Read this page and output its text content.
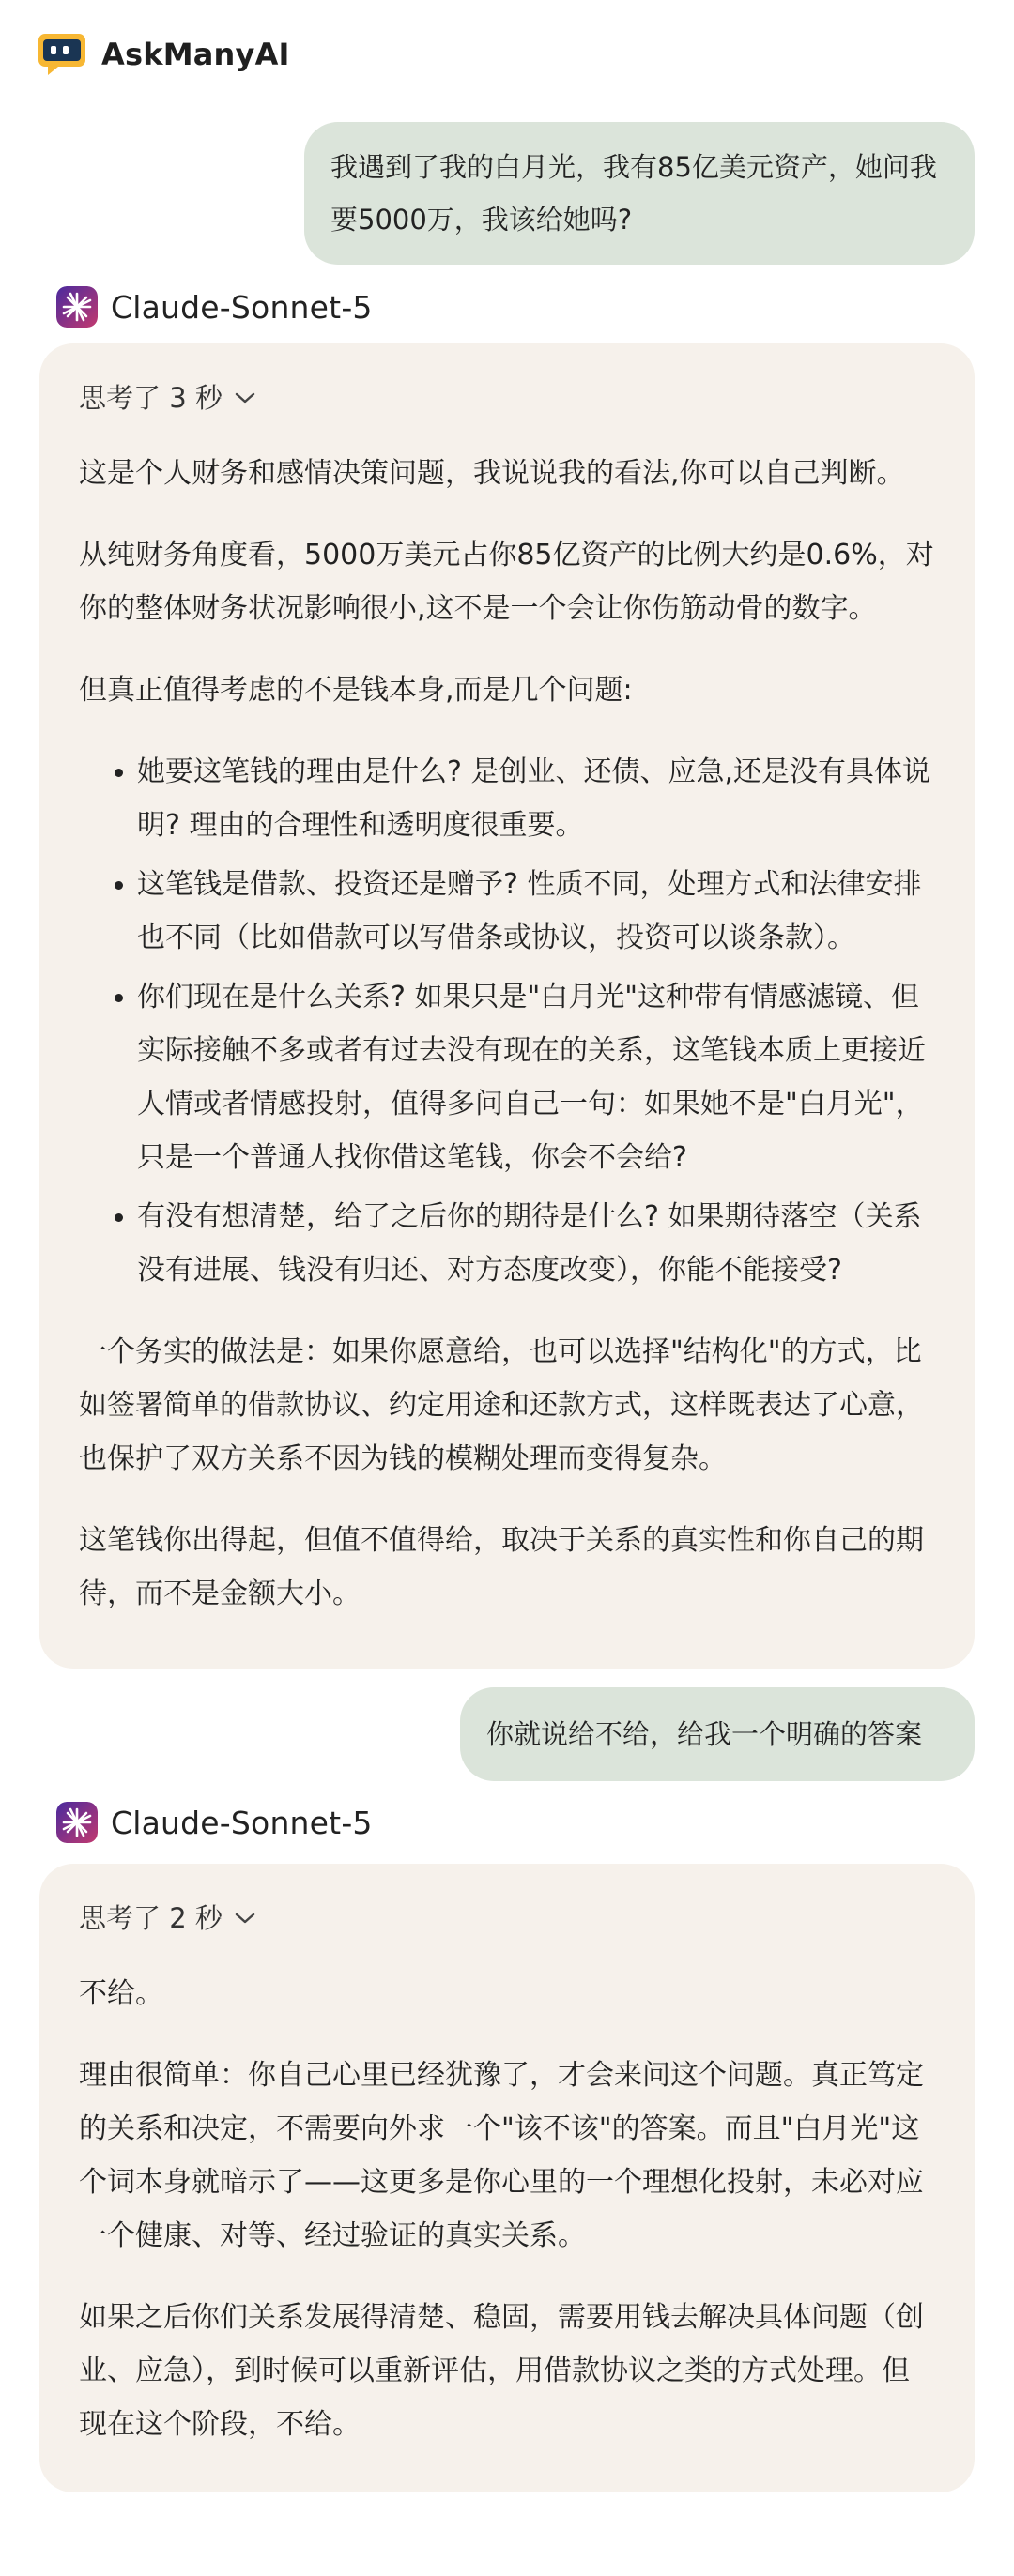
AskManyAI
我遇到了我的白月光，我有85亿美元资产，她问我要5000万，我该给她吗?
Claude-Sonnet-5
思考了 3 秒

这是个人财务和感情决策问题，我说说我的看法,你可以自己判断。

从纯财务角度看，5000万美元占你85亿资产的比例大约是0.6%，对你的整体财务状况影响很小,这不是一个会让你伤筋动骨的数字。

但真正值得考虑的不是钱本身,而是几个问题:

她要这笔钱的理由是什么? 是创业、还债、应急,还是没有具体说明? 理由的合理性和透明度很重要。
这笔钱是借款、投资还是赠予? 性质不同，处理方式和法律安排也不同（比如借款可以写借条或协议，投资可以谈条款）。
你们现在是什么关系? 如果只是"白月光"这种带有情感滤镜、但实际接触不多或者有过去没有现在的关系，这笔钱本质上更接近人情或者情感投射，值得多问自己一句：如果她不是"白月光"，只是一个普通人找你借这笔钱，你会不会给?
有没有想清楚，给了之后你的期待是什么? 如果期待落空（关系没有进展、钱没有归还、对方态度改变），你能不能接受?

一个务实的做法是：如果你愿意给，也可以选择"结构化"的方式，比如签署简单的借款协议、约定用途和还款方式，这样既表达了心意，也保护了双方关系不因为钱的模糊处理而变得复杂。

这笔钱你出得起，但值不值得给，取决于关系的真实性和你自己的期待，而不是金额大小。

你就说给不给，给我一个明确的答案
Claude-Sonnet-5
思考了 2 秒

不给。

理由很简单：你自己心里已经犹豫了，才会来问这个问题。真正笃定的关系和决定，不需要向外求一个"该不该"的答案。而且"白月光"这个词本身就暗示了——这更多是你心里的一个理想化投射，未必对应一个健康、对等、经过验证的真实关系。

如果之后你们关系发展得清楚、稳固，需要用钱去解决具体问题（创业、应急），到时候可以重新评估，用借款协议之类的方式处理。但现在这个阶段，不给。
